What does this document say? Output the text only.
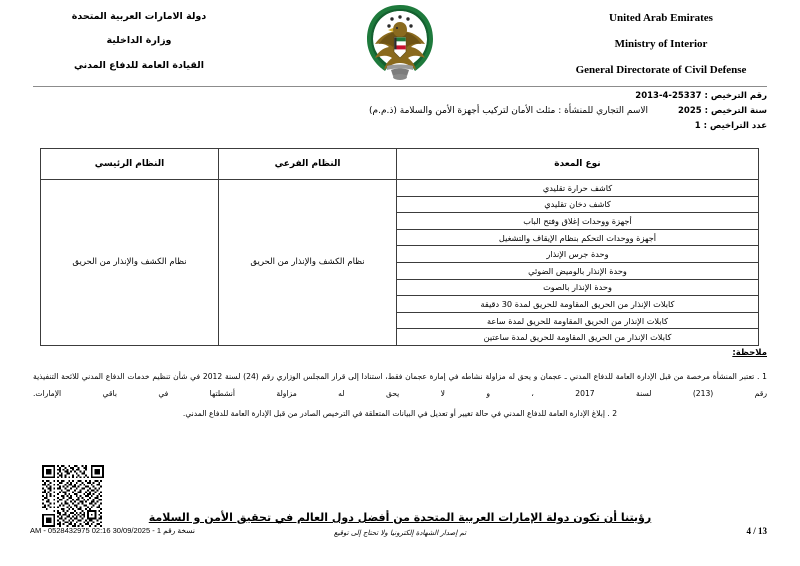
United Arab Emirates
Ministry of Interior
General Directorate of Civil Defense
دولة الامارات العربية المتحدة
وزارة الداخلية
القيادة العامة للدفاع المدني
رقم الترخيص : 25337-4-2013
سنة الترخيص : 2025
الاسم التجاري للمنشأة : مثلث الأمان لتركيب أجهزة الأمن والسلامة (ذ.م.م)
عدد التراخيص : 1
نوع المعدة	النظام الفرعي	النظام الرئيسي
كاشف حرارة تقليدي	نظام الكشف والإنذار من الحريق	نظام الكشف والإنذار من الحريق
كاشف دخان تقليدي		
أجهزة ووحدات إغلاق وفتح الباب		
أجهزة ووحدات التحكم بنظام الإيقاف والتشغيل		
وحدة جرس الإنذار		
وحدة الإنذار بالوميض الضوئي		
وحدة الإنذار بالصوت		
كابلات الإنذار من الحريق المقاومة للحريق لمدة 30 دقيقة		
كابلات الإنذار من الحريق المقاومة للحريق لمدة ساعة		
كابلات الإنذار من الحريق المقاومة للحريق لمدة ساعتين		
ملاحظة:
1 . تعتبر المنشأة مرخصة من قبل الإدارة العامة للدفاع المدني ـ عجمان و يحق له مزاولة نشاطه في إمارة عجمان فقط، استنادا إلى قرار المجلس الوزاري رقم (24) لسنة 2012 في شأن تنظيم خدمات الدفاع المدني للائحة التنفيذية رقم (213) لسنة 2017 ، و لا يحق له مزاولة أنشطتها في باقي الإمارات.
2 . إبلاغ الإدارة العامة للدفاع المدني في حالة تغيير أو تعديل في البيانات المتعلقة في الترخيص الصادر من قبل الإدارة العامة للدفاع المدني.
نسخة رقم 1 - 30/09/2025 02:16 AM - 0528432975
رؤيتنا أن تكون دولة الإمارات العربية المتحدة من أفضل دول العالم في تحقيق الأمن و السلامة
تم إصدار الشهادة إلكترونيا ولا تحتاج إلى توقيع	4 / 13
